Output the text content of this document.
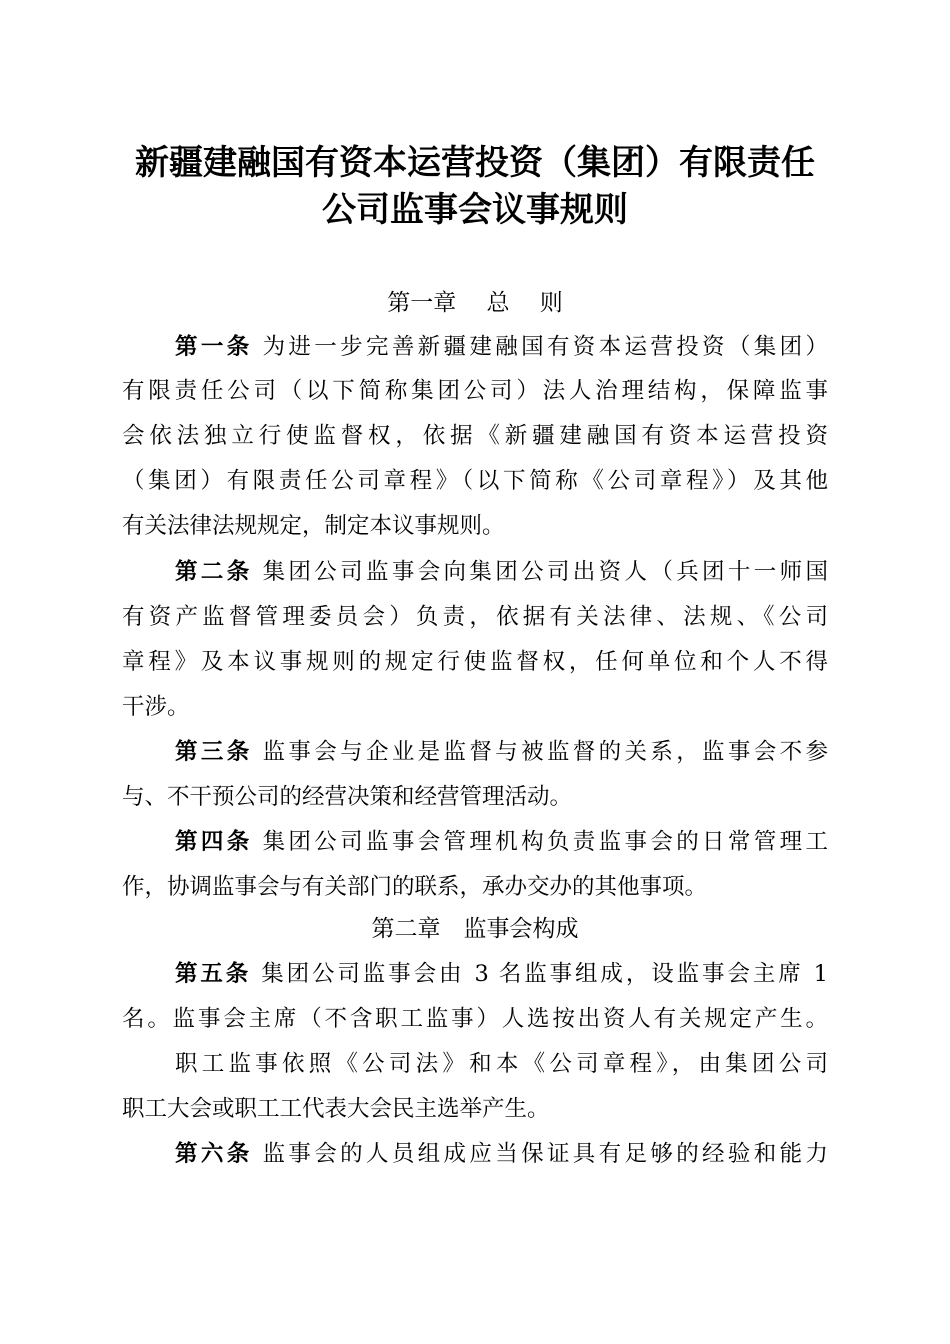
新疆建融国有资本运营投资（集团）有限责任
公司监事会议事规则
第一章　 总　 则
第一条 为进一步完善新疆建融国有资本运营投资（集团）
有限责任公司（以下简称集团公司）法人治理结构，保障监事
会依法独立行使监督权，依据《新疆建融国有资本运营投资
（集团）有限责任公司章程》（以下简称《公司章程》）及其他
有关法律法规规定，制定本议事规则。
第二条 集团公司监事会向集团公司出资人（兵团十一师国
有资产监督管理委员会）负责，依据有关法律、法规、《公司
章程》及本议事规则的规定行使监督权，任何单位和个人不得
干涉。
第三条 监事会与企业是监督与被监督的关系，监事会不参
与、不干预公司的经营决策和经营管理活动。
第四条 集团公司监事会管理机构负责监事会的日常管理工
作，协调监事会与有关部门的联系，承办交办的其他事项。
第二章　监事会构成
第五条 集团公司监事会由 3 名监事组成，设监事会主席 1
名。监事会主席（不含职工监事）人选按出资人有关规定产生。
职工监事依照《公司法》和本《公司章程》，由集团公司
职工大会或职工工代表大会民主选举产生。
第六条 监事会的人员组成应当保证具有足够的经验和能力
